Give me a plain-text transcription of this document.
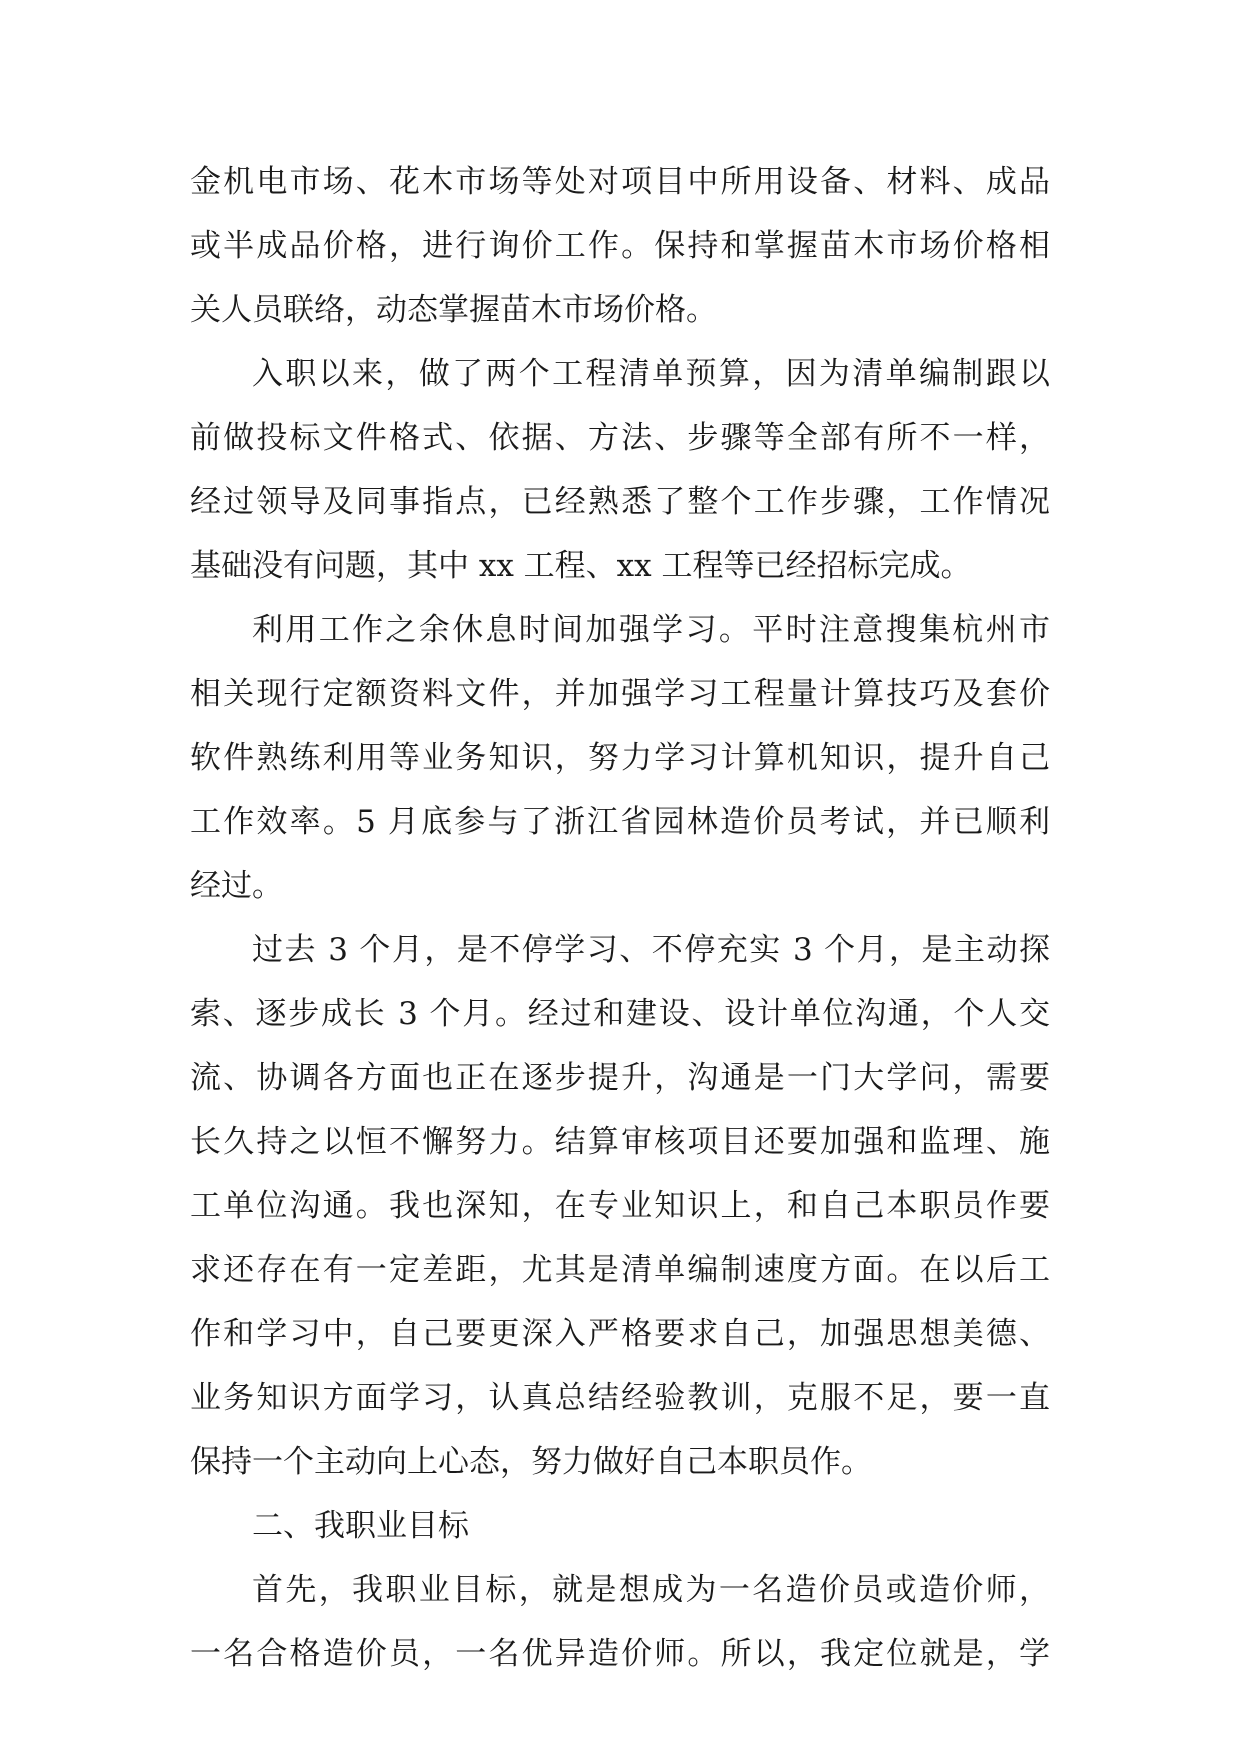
金机电市场、花木市场等处对项目中所用设备、材料、成品
或半成品价格，进行询价工作。保持和掌握苗木市场价格相
关人员联络，动态掌握苗木市场价格。
入职以来，做了两个工程清单预算，因为清单编制跟以
前做投标文件格式、依据、方法、步骤等全部有所不一样，
经过领导及同事指点，已经熟悉了整个工作步骤，工作情况
基础没有问题，其中 xx 工程、xx 工程等已经招标完成。
利用工作之余休息时间加强学习。平时注意搜集杭州市
相关现行定额资料文件，并加强学习工程量计算技巧及套价
软件熟练利用等业务知识，努力学习计算机知识，提升自己
工作效率。5 月底参与了浙江省园林造价员考试，并已顺利
经过。
过去 3 个月，是不停学习、不停充实 3 个月，是主动探
索、逐步成长 3 个月。经过和建设、设计单位沟通，个人交
流、协调各方面也正在逐步提升，沟通是一门大学问，需要
长久持之以恒不懈努力。结算审核项目还要加强和监理、施
工单位沟通。我也深知，在专业知识上，和自己本职员作要
求还存在有一定差距，尤其是清单编制速度方面。在以后工
作和学习中，自己要更深入严格要求自己，加强思想美德、
业务知识方面学习，认真总结经验教训，克服不足，要一直
保持一个主动向上心态，努力做好自己本职员作。
二、我职业目标
首先，我职业目标，就是想成为一名造价员或造价师，
一名合格造价员，一名优异造价师。所以，我定位就是，学
